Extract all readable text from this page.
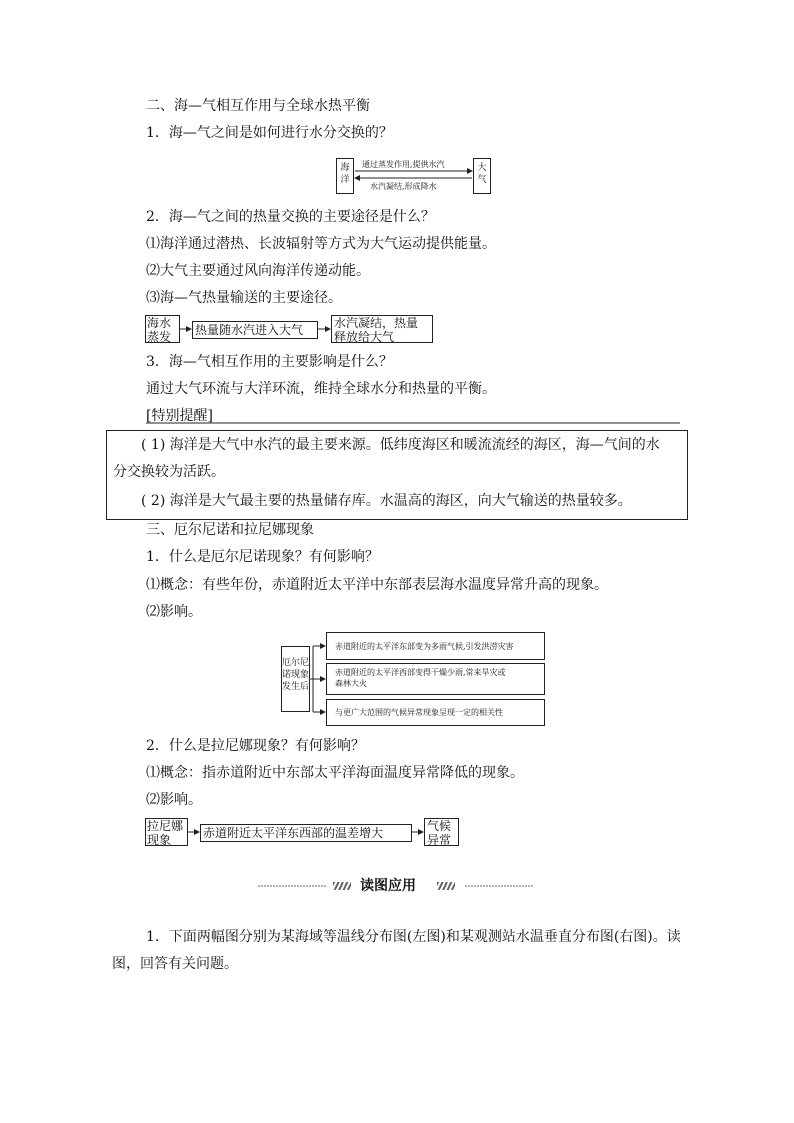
二、海—气相互作用与全球水热平衡
1．海—气之间是如何进行水分交换的？
海
洋
大
气
通过蒸发作用,提供水汽
水汽凝结,形成降水
2．海—气之间的热量交换的主要途径是什么？
⑴海洋通过潜热、长波辐射等方式为大气运动提供能量。
⑵大气主要通过风向海洋传递动能。
⑶海—气热量输送的主要途径。
海水
蒸发	热量随水汽进入大气	水汽凝结，热量
释放给大气
3．海—气相互作用的主要影响是什么？
通过大气环流与大洋环流，维持全球水分和热量的平衡。
[特别提醒]
( 1) 海洋是大气中水汽的最主要来源。低纬度海区和暖流流经的海区，海—气间的水
分交换较为活跃。
( 2) 海洋是大气最主要的热量储存库。水温高的海区，向大气输送的热量较多。
三、厄尔尼诺和拉尼娜现象
1．什么是厄尔尼诺现象？有何影响？
⑴概念：有些年份，赤道附近太平洋中东部表层海水温度异常升高的现象。
⑵影响。
厄尔尼
诺现象
发生后
赤道附近的太平洋东部变为多雨气候,引发洪涝灾害
赤道附近的太平洋西部变得干燥少雨,常来旱灾或
森林大火
与更广大范围的气候异常现象呈现一定的相关性
2．什么是拉尼娜现象？有何影响？
⑴概念：指赤道附近中东部太平洋海面温度异常降低的现象。
⑵影响。
拉尼娜
现象	赤道附近太平洋东西部的温差增大	气候
异常
读图应用
1．下面两幅图分别为某海域等温线分布图(左图)和某观测站水温垂直分布图(右图)。读
图，回答有关问题。
